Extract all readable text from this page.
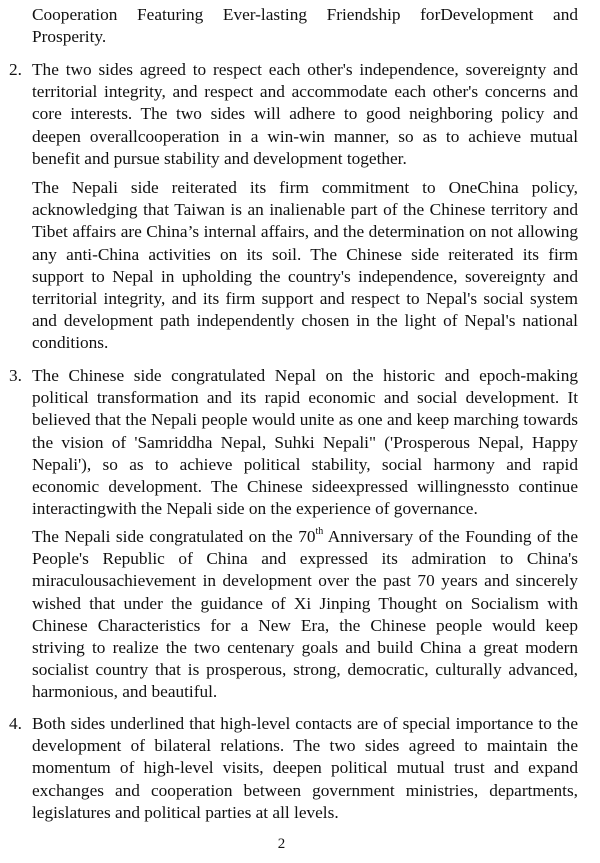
Cooperation Featuring Ever-lasting Friendship forDevelopment and Prosperity.

2. The two sides agreed to respect each other's independence, sovereignty and territorial integrity, and respect and accommodate each other's concerns and core interests. The two sides will adhere to good neighboring policy and deepen overallcooperation in a win-win manner, so as to achieve mutual benefit and pursue stability and development together.

The Nepali side reiterated its firm commitment to OneChina policy, acknowledging that Taiwan is an inalienable part of the Chinese territory and Tibet affairs are China’s internal affairs, and the determination on not allowing any anti-China activities on its soil. The Chinese side reiterated its firm support to Nepal in upholding the country's independence, sovereignty and territorial integrity, and its firm support and respect to Nepal's social system and development path independently chosen in the light of Nepal's national conditions.

3. The Chinese side congratulated Nepal on the historic and epoch-making political transformation and its rapid economic and social development. It believed that the Nepali people would unite as one and keep marching towards the vision of 'Samriddha Nepal, Suhki Nepali" ('Prosperous Nepal, Happy Nepali'), so as to achieve political stability, social harmony and rapid economic development. The Chinese sideexpressed willingnessto continue interactingwith the Nepali side on the experience of governance.

The Nepali side congratulated on the 70th Anniversary of the Founding of the People's Republic of China and expressed its admiration to China's miraculousachievement in development over the past 70 years and sincerely wished that under the guidance of Xi Jinping Thought on Socialism with Chinese Characteristics for a New Era, the Chinese people would keep striving to realize the two centenary goals and build China a great modern socialist country that is prosperous, strong, democratic, culturally advanced, harmonious, and beautiful.

4. Both sides underlined that high-level contacts are of special importance to the development of bilateral relations. The two sides agreed to maintain the momentum of high-level visits, deepen political mutual trust and expand exchanges and cooperation between government ministries, departments, legislatures and political parties at all levels.

2
